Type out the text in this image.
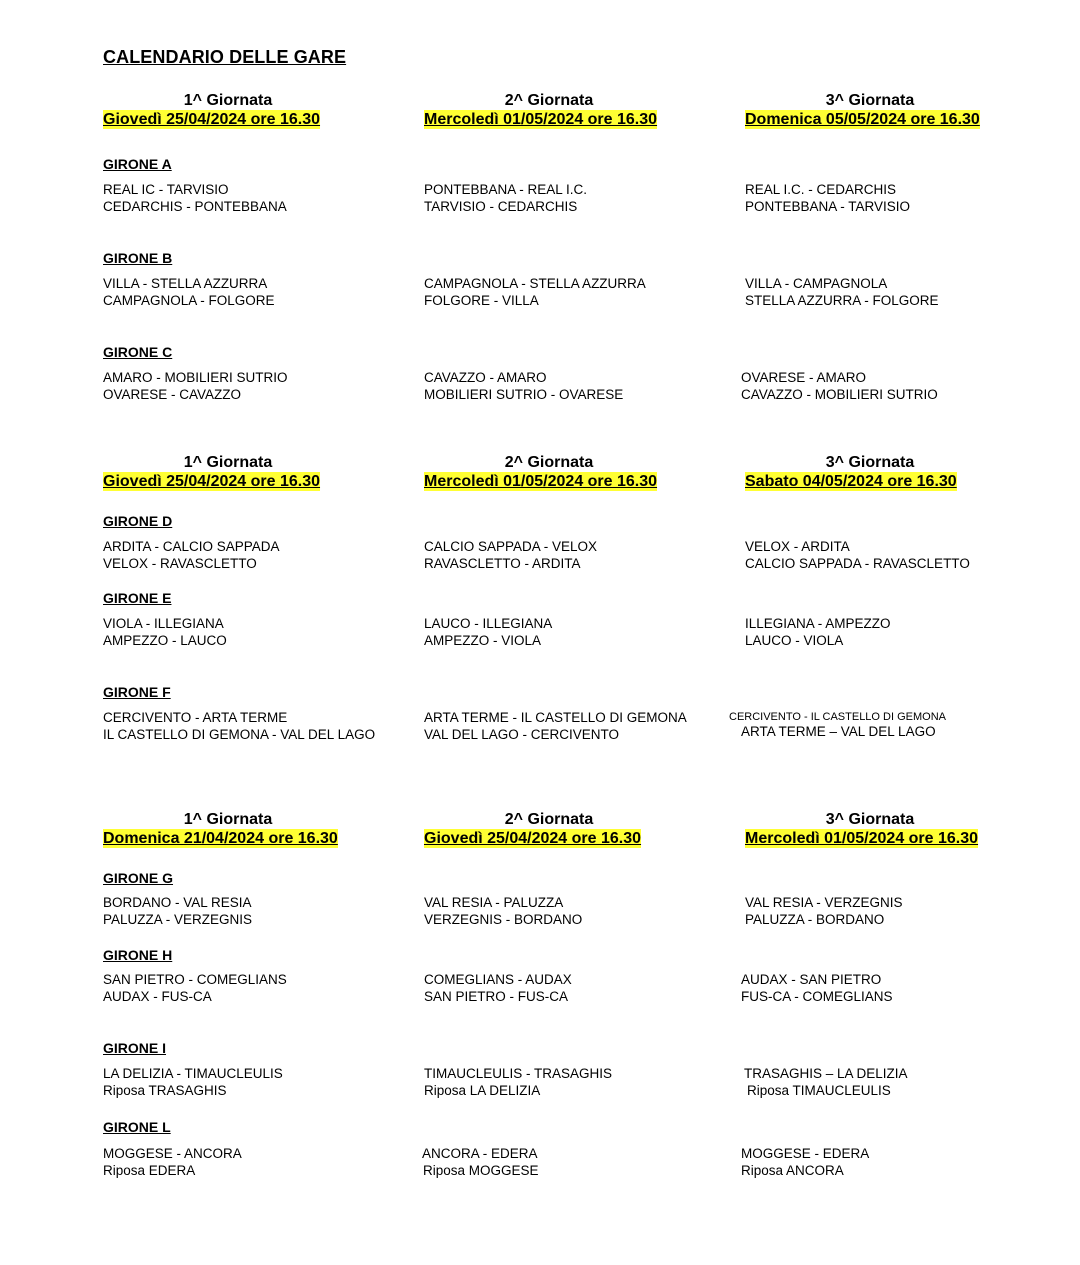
CALENDARIO DELLE GARE
1^ Giornata
Giovedì 25/04/2024 ore 16.30
2^ Giornata
Mercoledì 01/05/2024 ore 16.30
3^ Giornata
Domenica 05/05/2024 ore 16.30
GIRONE A
REAL IC - TARVISIO
CEDARCHIS - PONTEBBANA
PONTEBBANA - REAL I.C.
TARVISIO - CEDARCHIS
REAL I.C. - CEDARCHIS
PONTEBBANA - TARVISIO
GIRONE B
VILLA - STELLA AZZURRA
CAMPAGNOLA - FOLGORE
CAMPAGNOLA - STELLA AZZURRA
FOLGORE - VILLA
VILLA - CAMPAGNOLA
STELLA AZZURRA - FOLGORE
GIRONE C
AMARO - MOBILIERI SUTRIO
OVARESE - CAVAZZO
CAVAZZO - AMARO
MOBILIERI SUTRIO - OVARESE
OVARESE - AMARO
CAVAZZO - MOBILIERI SUTRIO
1^ Giornata
Giovedì 25/04/2024 ore 16.30
2^ Giornata
Mercoledì 01/05/2024 ore 16.30
3^ Giornata
Sabato 04/05/2024 ore 16.30
GIRONE D
ARDITA - CALCIO SAPPADA
VELOX - RAVASCLETTO
CALCIO SAPPADA - VELOX
RAVASCLETTO - ARDITA
VELOX - ARDITA
CALCIO SAPPADA - RAVASCLETTO
GIRONE E
VIOLA - ILLEGIANA
AMPEZZO - LAUCO
LAUCO - ILLEGIANA
AMPEZZO - VIOLA
ILLEGIANA - AMPEZZO
LAUCO - VIOLA
GIRONE F
CERCIVENTO - ARTA TERME
IL CASTELLO DI GEMONA - VAL DEL LAGO
ARTA TERME - IL CASTELLO DI GEMONA
VAL DEL LAGO - CERCIVENTO
CERCIVENTO - IL CASTELLO DI GEMONA
ARTA TERME – VAL DEL LAGO
1^ Giornata
Domenica 21/04/2024 ore 16.30
2^ Giornata
Giovedì 25/04/2024 ore 16.30
3^ Giornata
Mercoledì 01/05/2024 ore 16.30
GIRONE G
BORDANO - VAL RESIA
PALUZZA - VERZEGNIS
VAL RESIA - PALUZZA
VERZEGNIS - BORDANO
VAL RESIA - VERZEGNIS
PALUZZA - BORDANO
GIRONE H
SAN PIETRO - COMEGLIANS
AUDAX - FUS-CA
COMEGLIANS - AUDAX
SAN PIETRO - FUS-CA
AUDAX - SAN PIETRO
FUS-CA - COMEGLIANS
GIRONE I
LA DELIZIA - TIMAUCLEULIS
Riposa TRASAGHIS
TIMAUCLEULIS - TRASAGHIS
Riposa LA DELIZIA
TRASAGHIS – LA DELIZIA
Riposa TIMAUCLEULIS
GIRONE L
MOGGESE - ANCORA
Riposa EDERA
ANCORA - EDERA
Riposa MOGGESE
MOGGESE - EDERA
Riposa ANCORA
